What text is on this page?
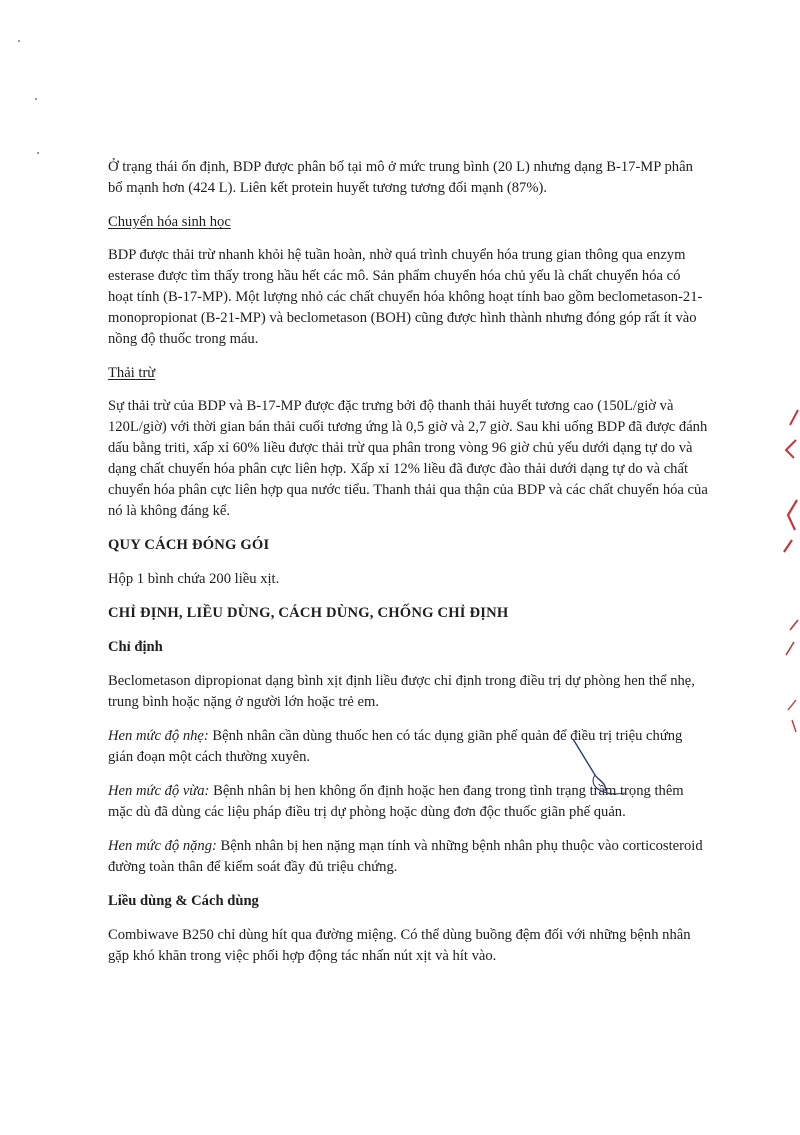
Ở trạng thái ổn định, BDP được phân bố tại mô ở mức trung bình (20 L) nhưng dạng B-17-MP phân bố mạnh hơn (424 L). Liên kết protein huyết tương tương đối mạnh (87%).

Chuyển hóa sinh học

BDP được thải trừ nhanh khỏi hệ tuần hoàn, nhờ quá trình chuyển hóa trung gian thông qua enzym esterase được tìm thấy trong hầu hết các mô. Sản phẩm chuyển hóa chủ yếu là chất chuyển hóa có hoạt tính (B-17-MP). Một lượng nhỏ các chất chuyển hóa không hoạt tính bao gồm beclometason-21-monopropionat (B-21-MP) và beclometason (BOH) cũng được hình thành nhưng đóng góp rất ít vào nồng độ thuốc trong máu.

Thải trừ

Sự thải trừ của BDP và B-17-MP được đặc trưng bởi độ thanh thải huyết tương cao (150L/giờ và 120L/giờ) với thời gian bán thải cuối tương ứng là 0,5 giờ và 2,7 giờ. Sau khi uống BDP đã được đánh dấu bằng triti, xấp xỉ 60% liều được thải trừ qua phân trong vòng 96 giờ chủ yếu dưới dạng tự do và dạng chất chuyển hóa phân cực liên hợp. Xấp xỉ 12% liều đã được đào thải dưới dạng tự do và chất chuyển hóa phân cực liên hợp qua nước tiểu. Thanh thải qua thận của BDP và các chất chuyển hóa của nó là không đáng kể.

QUY CÁCH ĐÓNG GÓI

Hộp 1 bình chứa 200 liều xịt.

CHỈ ĐỊNH, LIỀU DÙNG, CÁCH DÙNG, CHỐNG CHỈ ĐỊNH

Chỉ định

Beclometason dipropionat dạng bình xịt định liều được chỉ định trong điều trị dự phòng hen thể nhẹ, trung bình hoặc nặng ở người lớn hoặc trẻ em.

Hen mức độ nhẹ: Bệnh nhân cần dùng thuốc hen có tác dụng giãn phế quản để điều trị triệu chứng gián đoạn một cách thường xuyên.

Hen mức độ vừa: Bệnh nhân bị hen không ổn định hoặc hen đang trong tình trạng trầm trọng thêm mặc dù đã dùng các liệu pháp điều trị dự phòng hoặc dùng đơn độc thuốc giãn phế quản.

Hen mức độ nặng: Bệnh nhân bị hen nặng mạn tính và những bệnh nhân phụ thuộc vào corticosteroid đường toàn thân để kiểm soát đầy đủ triệu chứng.

Liều dùng & Cách dùng

Combiwave B250 chỉ dùng hít qua đường miệng. Có thể dùng buồng đệm đối với những bệnh nhân gặp khó khăn trong việc phối hợp động tác nhấn nút xịt và hít vào.
